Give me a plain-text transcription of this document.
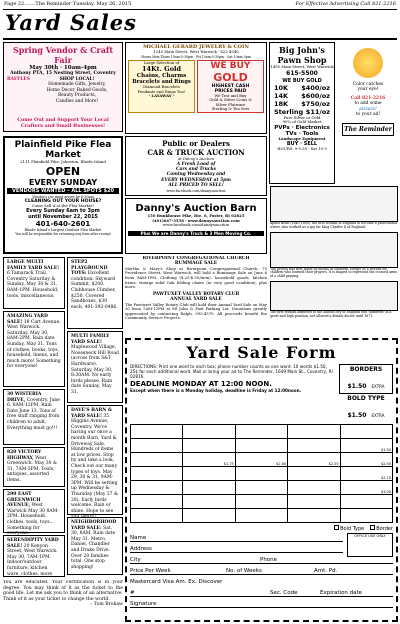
Page 22.......The Reminder Tuesday, May 26, 2015	For Effective Advertising Call 821-2216
Yard Sales
Spring Vendor & Craft Fair
May 30th · 10am-4pm
Anthony PTA, 15 Nesting Street, Coventry
RAFFLES	SHOP LOCAL!
Homemade Gifts, Jewelry,
Home Decor, Baked Goods,
Beauty Products,
Candles and More!
Come Out and Support Your Local Crafters and Small Businesses!
MICHAEL GERARD JEWELRY & COIN
1245 Main Street, West Warwick · 822-4540
Hours Mon-Thurs 10am-5:30pm · Fri 10am-5:30pm · Sat 10am-3pm
Large Selection of
14Kt. Gold
Chains, Charms
Bracelets and Rings
Diamond Bracelets
Pendants and Rings Too!
- LAYAWAY -
WE BUY
GOLD
HIGHEST CASH
PRICES PAID
We Test and Buy
Gold & Silver Coins &
Silver Flatware
Sterling & Tea Sets
Big John's Pawn Shop
1495 Main Street, West Warwick
615-5500
WE BUY GOLD
10K $400/oz
14K $600/oz
18K $750/oz
Sterling $11/oz
Pure Silver or Gold
90% of Gold Market
PVPs · Electronics
TVs · Tools
Landscape Equipment
BUY · SELL
HOURS: 9-5:30 · Sat 10-3
Color catches
your eye!
Call 821-2216
to add some
pizzazz!
to your ad!
The Reminder
Plainfield Pike Flea Market
2111 Plainfield Pike, Johnston, Rhode Island
OPEN
EVERY SUNDAY
VENDORS WANTED – ALL SPOTS $20
Vendor's car must arrive by 6:30am
CLEANING OUT YOUR HOUSE?
Come Sell it at the Flea Market!
Every Sunday 6am to 3pm
until November 22, 2015
401-640-2601
Rhode Island's Largest Outdoor Flea Market
You will be responsible for returning any item after receipt
Public or Dealers
CAR & TRUCK AUCTION
at Danny's Auction
A Fresh Load of
Cars and Trucks
Coming Wednesday and
EVERY WEDNESDAY at 5pm
ALL PRICED TO SELL!
www.facebook.com/dannysauction
Danny's Auction Barn
150 Bunkhouse Pike, Rte. 6, Foster, RI 02825
(401)647-3558 · www.dannysauction.com
www.facebook.com/dannysauction
Plus We are Danny's Truck & 3 Men Moving Co.
Aphra Behn (1640-1689), the first woman in England to become a professional writer, also worked as a spy for King Charles II of England.
The proton was first made by monks in southern Europe as a reward for children who learned their prayers. It is shaped to represent the crossed arms of a child praying.
The first woman admitted to the Ashton city of England was 'admitted' in a great and high position, not allowed a female doctor until 1871.
RIVERPOINT CONGREGATIONAL CHURCH
RUMMAGE SALE

Martha & Mary's Shop at Riverpoint Congregational Church, 75 Providence Street, West Warwick, will hold a Rummage Sale on June 6 from 9AM-1PM. Clothing ($.25-$.50/item), household goods, kitchen items, vintage solid Oak folding chairs (in very good condition), plus more.

PAWTUXET VALLEY ROTARY CLUB
ANNUAL YARD SALE

The Pawtuxet Valley Rotary Club will hold their Annual Yard Sale on May 30 from 7AM-12PM at 88 John & Paul Parking Lot. Donations greatly appreciated by contacting Ralph, 595-4570. All proceeds benefit the Community Service Projects.

LARGE MULTI FAMILY YARD SALE! 6 Tamarack Trail, Coventry Saturday & Sunday, May 30 & 31, 8AM-1PM. Household, tools, miscellaneous.
AMAZING YARD SALE! 18 Cart Avenue, West Warwick. Saturday, May 30, 8AM-2PM. Rain date Sunday, May 31. Tons of clothes, books, toys, household, linens, and much more! Something for everyone!
30 WISTERIA DRIVE, Coventry. June 6, 8AM-12PM. Rain Date June 13. Tons of free stuff ranging from children to adult. Everything must go!!!
820 VICTORY HIGHWAY, West Greenwich. May 30 & 31, 7AM-5PM. Tools, antiques, assorted items.
290 EAST GREENWICH AVENUE, West Warwick May 30 8AM-2PM. Household, clothes, tools, toys... Something for everyone.
SERENDIPITY YARD SALE! 20 Kenyon Street, West Warwick. May 30, 7AM-1PM. Indoor/outdoor furniture, kitchen ware, clothes, more
STEP2 PLAYGROUND TOYS: Excellent condition: Skyward Summit, $200. Clubhouse Climber, $250. Covered Sandboxes, $30 each. 401-392-0486.
MULTI FAMILY YARD SALE! Maplewood Village, Nooseneck Hill Road (across from S&T Hardware). Saturday, May 30, 8:30AM. No early birds please. Rain date Sunday, May 31.
DAVE'S BARN & YARD SALE! 35 Higgins Avenue, Coventry. We're having our once a month Barn, Yard & Driveway Sale. Hundreds of items at low prices. Stop by and take a look. Check out our many types of toys. May 29, 30 & 31, 9AM-3PM. Will be setting up Wednesday & Thursday (May 27 & 28). Early birds welcome. Rain or shine. Hope to see you there!!
NEIGHBORHOOD YARD SALE: Sat. 30, 8AM. Rain date May 31. Metro, Daniel, Chandler and Drake Drive. Over 20 families total. One stop shopping!

You are educated. Your certification is in your degree. You may think of it as the ticket to the good life. Let me ask you to think of an alternative. Think of it as your ticket to change the world.

– Tom Brokaw
Yard Sale Form

DIRECTIONS: Print one word to each box; phone number counts as one word. 10 words $1.50, 25¢ for each additional word. Mail or bring your ad to The Reminder, 1649 Main St., Coventry, RI 02816.

DEADLINE MONDAY AT 12:00 NOON.

Except when there is a Monday holiday, deadline is Friday at 12:00noon.

BORDERS
$1.50 EXTRA
BOLD TYPE
$1.50 EXTRA
$1.50
$1.75	$2.00	$2.25	$2.50
$2.75
$3.00
Bold Type	Border
OFFICE USE ONLY
Name
Address
City	Phone
Price Per Week	No. of Weeks	Amt. Pd.
Mastercard Visa Am. Ex. Discover
#	Sec. Code	Expiration date
Signature
